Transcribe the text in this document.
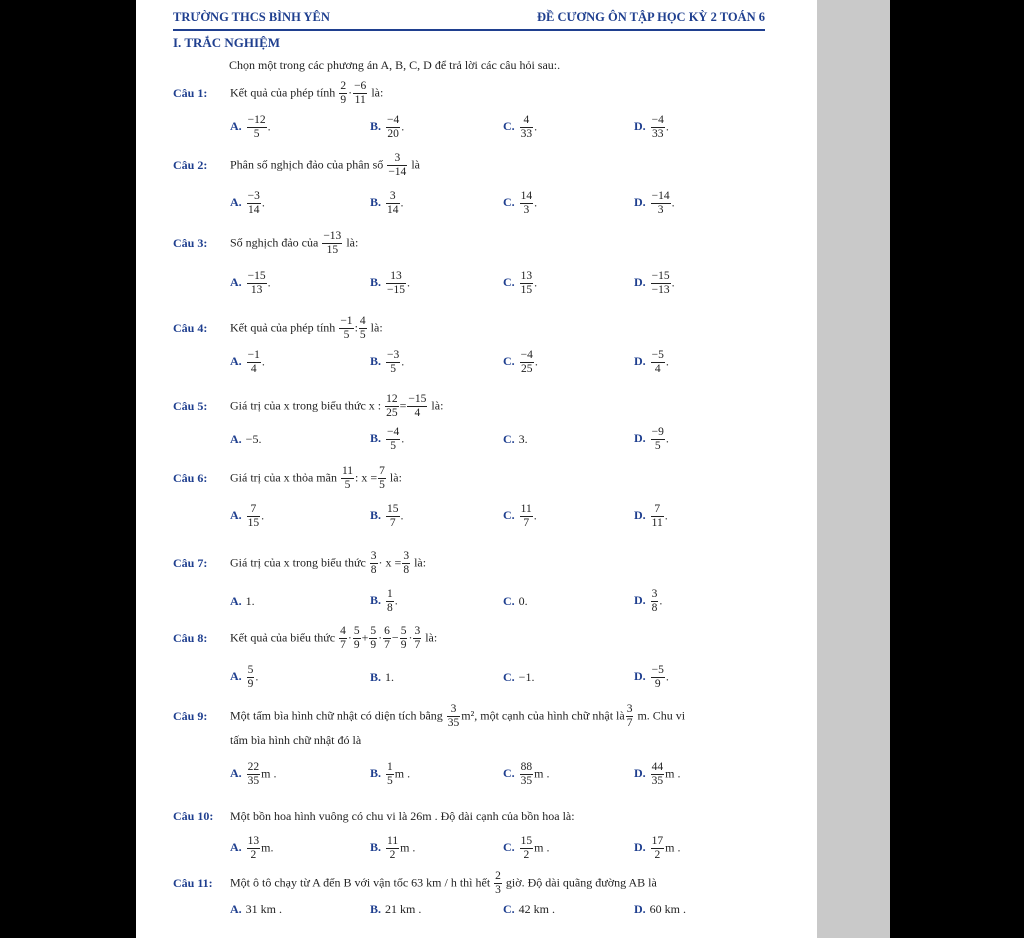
TRƯỜNG THCS BÌNH YÊN	ĐỀ CƯƠNG ÔN TẬP HỌC KỲ 2 TOÁN 6
I. TRẮC NGHIỆM
Chọn một trong các phương án A, B, C, D để trả lời các câu hỏi sau:.
Câu 1: Kết quả của phép tính $\frac{2}{9} \cdot \frac{-6}{11}$ là:
A. $\frac{-12}{5}$ .	B. $\frac{-4}{20}$ .	C. $\frac{4}{33}$ .	D. $\frac{-4}{33}$ .
Câu 2: Phân số nghịch đảo của phân số $\frac{3}{-14}$ là
A. $\frac{-3}{14}$ .	B. $\frac{3}{14}$ .	C. $\frac{14}{3}$ .	D. $\frac{-14}{3}$ .
Câu 3: Số nghịch đảo của $\frac{-13}{15}$ là:
A. $\frac{-15}{13}$ .	B. $\frac{13}{-15}$ .	C. $\frac{13}{15}$ .	D. $\frac{-15}{-13}$ .
Câu 4: Kết quả của phép tính $\frac{-1}{5}$ : $\frac{4}{5}$ là:
A. $\frac{-1}{4}$ .	B. $\frac{-3}{5}$ .	C. $\frac{-4}{25}$ .	D. $\frac{-5}{4}$ .
Câu 5: Giá trị của x trong biểu thức x : $\frac{12}{25} = \frac{-15}{4}$ là:
A. −5.	B. $\frac{-4}{5}$ .	C. 3.	D. $\frac{-9}{5}$ .
Câu 6: Giá trị của x thỏa mãn $\frac{11}{5}$ : $x = \frac{7}{5}$ là:
A. $\frac{7}{15}$ .	B. $\frac{15}{7}$ .	C. $\frac{11}{7}$ .	D. $\frac{7}{11}$ .
Câu 7: Giá trị của x trong biểu thức $\frac{3}{8} \cdot x = \frac{3}{8}$ là:
A. 1.	B. $\frac{1}{8}$ .	C. 0.	D. $\frac{3}{8}$ .
Câu 8: Kết quả của biểu thức $\frac{4}{7} \cdot \frac{5}{9} + \frac{5}{9} \cdot \frac{6}{7} - \frac{5}{9} \cdot \frac{3}{7}$ là:
A. $\frac{5}{9}$ .	B. 1.	C. −1.	D. $\frac{-5}{9}$ .
Câu 9: Một tấm bìa hình chữ nhật có diện tích bằng $\frac{3}{35} m^2$, một cạnh của hình chữ nhật là $\frac{3}{7} m$. Chu vi
tấm bìa hình chữ nhật đó là
A. $\frac{22}{35}$ m .	B. $\frac{1}{5}$ m .	C. $\frac{88}{35}$ m .	D. $\frac{44}{35}$ m .
Câu 10: Một bồn hoa hình vuông có chu vi là 26m . Độ dài cạnh của bồn hoa là:
A. $\frac{13}{2} m$.	B. $\frac{11}{2}$ m .	C. $\frac{15}{2}$ m .	D. $\frac{17}{2}$ m .
Câu 11: Một ô tô chạy từ A đến B với vận tốc 63 km / h thì hết $\frac{2}{3}$ giờ. Độ dài quãng đường AB là
A. 31 km .	B. 21 km .	C. 42 km .	D. 60 km .
